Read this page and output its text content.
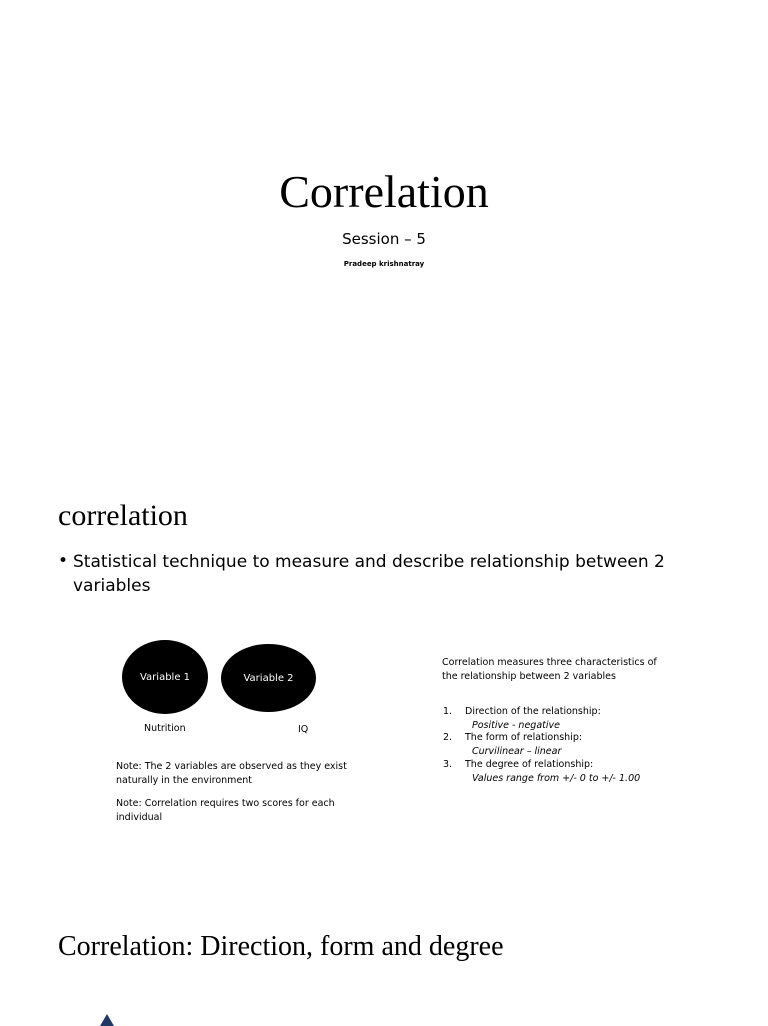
Correlation
Session – 5
Pradeep krishnatray
correlation
• Statistical technique to measure and describe relationship between 2 variables
Variable 1	Variable 2
Nutrition	IQ
Note: The 2 variables are observed as they exist naturally in the environment
Note: Correlation requires two scores for each individual
Correlation measures three characteristics of the relationship between 2 variables
1. Direction of the relationship:
Positive - negative
2. The form of relationship:
Curvilinear – linear
3. The degree of relationship:
Values range from +/- 0 to +/- 1.00
Correlation: Direction, form and degree
